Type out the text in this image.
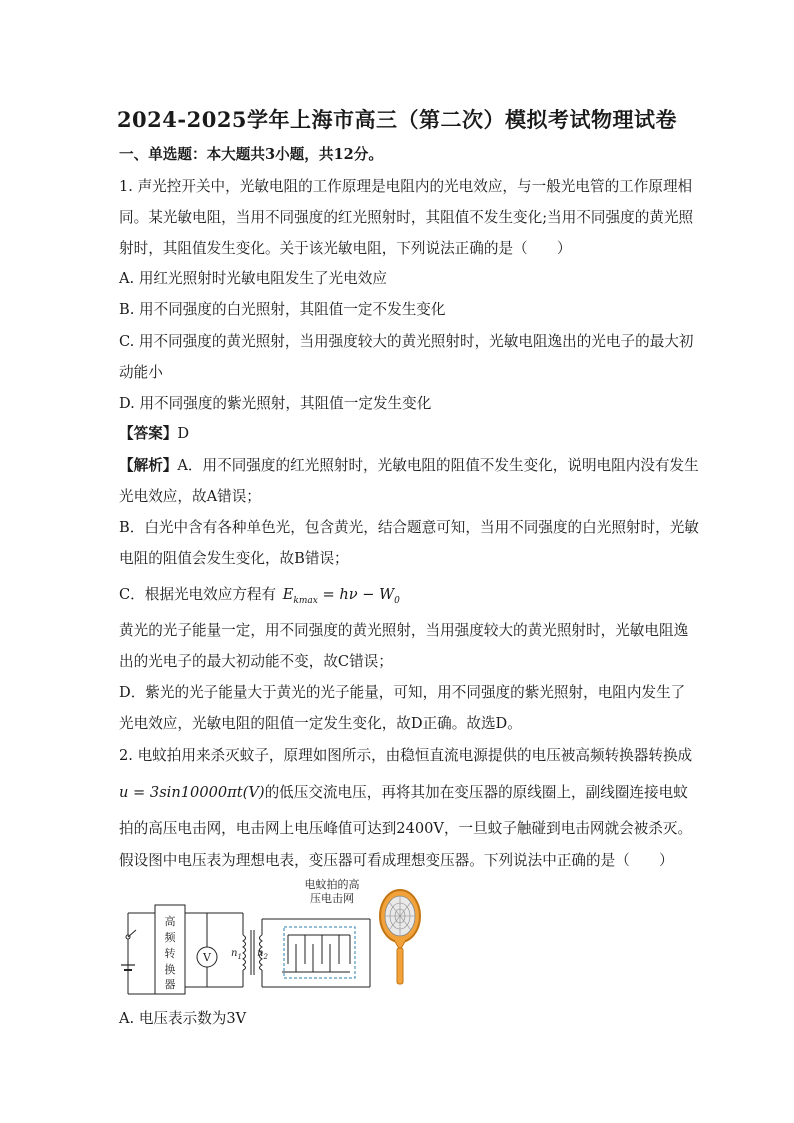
2024-2025学年上海市高三（第二次）模拟考试物理试卷
一、单选题：本大题共3小题，共12分。
1. 声光控开关中，光敏电阻的工作原理是电阻内的光电效应，与一般光电管的工作原理相
同。某光敏电阻，当用不同强度的红光照射时，其阻值不发生变化;当用不同强度的黄光照
射时，其阻值发生变化。关于该光敏电阻，下列说法正确的是（　　）
A. 用红光照射时光敏电阻发生了光电效应
B. 用不同强度的白光照射，其阻值一定不发生变化
C. 用不同强度的黄光照射，当用强度较大的黄光照射时，光敏电阻逸出的光电子的最大初
动能小
D. 用不同强度的紫光照射，其阻值一定发生变化
【答案】D
【解析】A．用不同强度的红光照射时，光敏电阻的阻值不发生变化，说明电阻内没有发生
光电效应，故A错误；
B．白光中含有各种单色光，包含黄光，结合题意可知，当用不同强度的白光照射时，光敏
电阻的阻值会发生变化，故B错误；
C．根据光电效应方程有 $E_{kmax} = h\nu - W_0$
黄光的光子能量一定，用不同强度的黄光照射，当用强度较大的黄光照射时，光敏电阻逸
出的光电子的最大初动能不变，故C错误；
D．紫光的光子能量大于黄光的光子能量，可知，用不同强度的紫光照射，电阻内发生了
光电效应，光敏电阻的阻值一定发生变化，故D正确。故选D。
2. 电蚊拍用来杀灭蚊子，原理如图所示，由稳恒直流电源提供的电压被高频转换器转换成
u = 3sin10000πt(V)的低压交流电压，再将其加在变压器的原线圈上，副线圈连接电蚊
拍的高压电击网，电击网上电压峰值可达到2400V，一旦蚊子触碰到电击网就会被杀灭。
假设图中电压表为理想电表，变压器可看成理想变压器。下列说法中正确的是（　　）
高
频
转
换
器
V $n_1$ $n_2$
电蚊拍的高
压电击网
A. 电压表示数为3V
